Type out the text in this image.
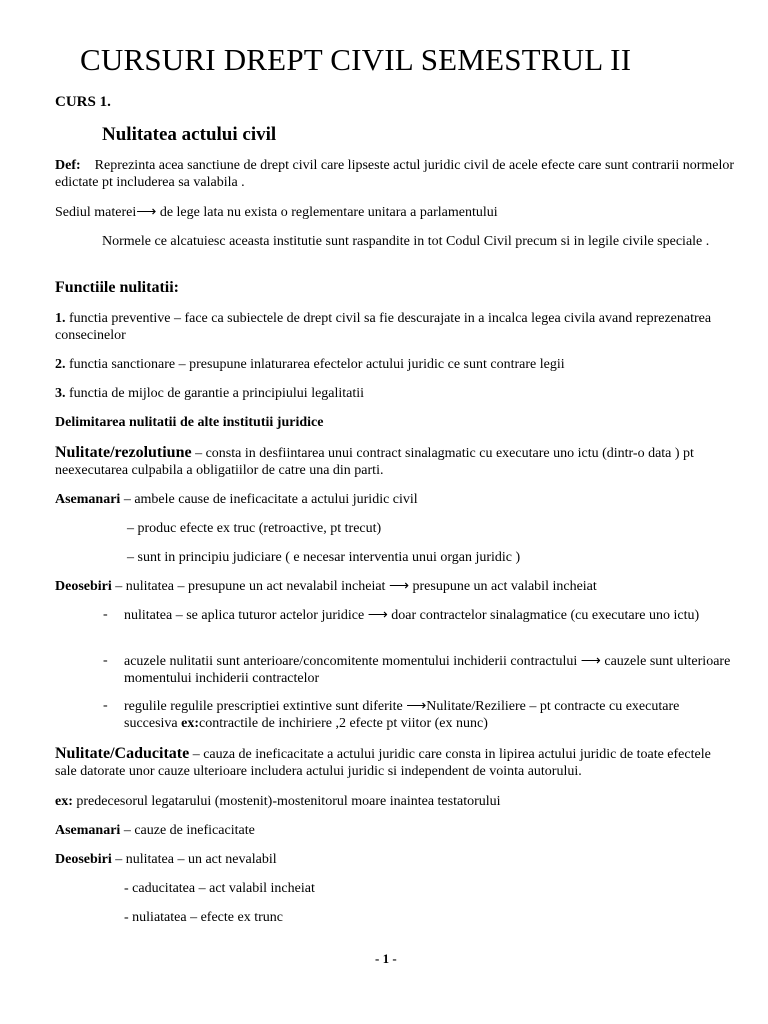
CURSURI DREPT CIVIL SEMESTRUL II
CURS 1.
Nulitatea actului civil
Def: Reprezinta acea sanctiune de drept civil care lipseste actul juridic civil de acele efecte care sunt contrarii normelor edictate pt includerea sa valabila .
Sediul materei⟶ de lege lata nu exista o reglementare unitara a parlamentului
Normele ce alcatuiesc aceasta institutie sunt raspandite in tot Codul Civil precum si in legile civile speciale .
Functiile nulitatii:
1. functia preventive – face ca subiectele de drept civil sa fie descurajate in a incalca legea civila avand reprezenatrea consecinelor
2. functia sanctionare – presupune inlaturarea efectelor actului juridic ce sunt contrare legii
3. functia de mijloc de garantie a principiului legalitatii
Delimitarea nulitatii de alte institutii juridice
Nulitate/rezolutiune – consta in desfiintarea unui contract sinalagmatic cu executare uno ictu (dintr-o data ) pt neexecutarea culpabila a obligatiilor de catre una din parti.
Asemanari – ambele cause de ineficacitate a actului juridic civil
– produc efecte ex truc (retroactive, pt trecut)
– sunt in principiu judiciare ( e necesar interventia unui organ juridic )
Deosebiri – nulitatea – presupune un act nevalabil incheiat ⟶ presupune un act valabil incheiat
- nulitatea – se aplica tuturor actelor juridice ⟶ doar contractelor sinalagmatice (cu executare uno ictu)
- acuzele nulitatii sunt anterioare/concomitente momentului inchiderii contractului ⟶ cauzele sunt ulterioare momentului inchiderii contractelor
- regulile regulile prescriptiei extintive sunt diferite ⟶Nulitate/Reziliere – pt contracte cu executare succesiva ex:contractile de inchiriere ,2 efecte pt viitor (ex nunc)
Nulitate/Caducitate – cauza de ineficacitate a actului juridic care consta in lipirea actului juridic de toate efectele sale datorate unor cauze ulterioare includera actului juridic si independent de vointa autorului.
ex: predecesorul legatarului (mostenit)-mostenitorul moare inaintea testatorului
Asemanari – cauze de ineficacitate
Deosebiri – nulitatea – un act nevalabil
- caducitatea – act valabil incheiat
- nuliatatea – efecte ex trunc
- 1 -
